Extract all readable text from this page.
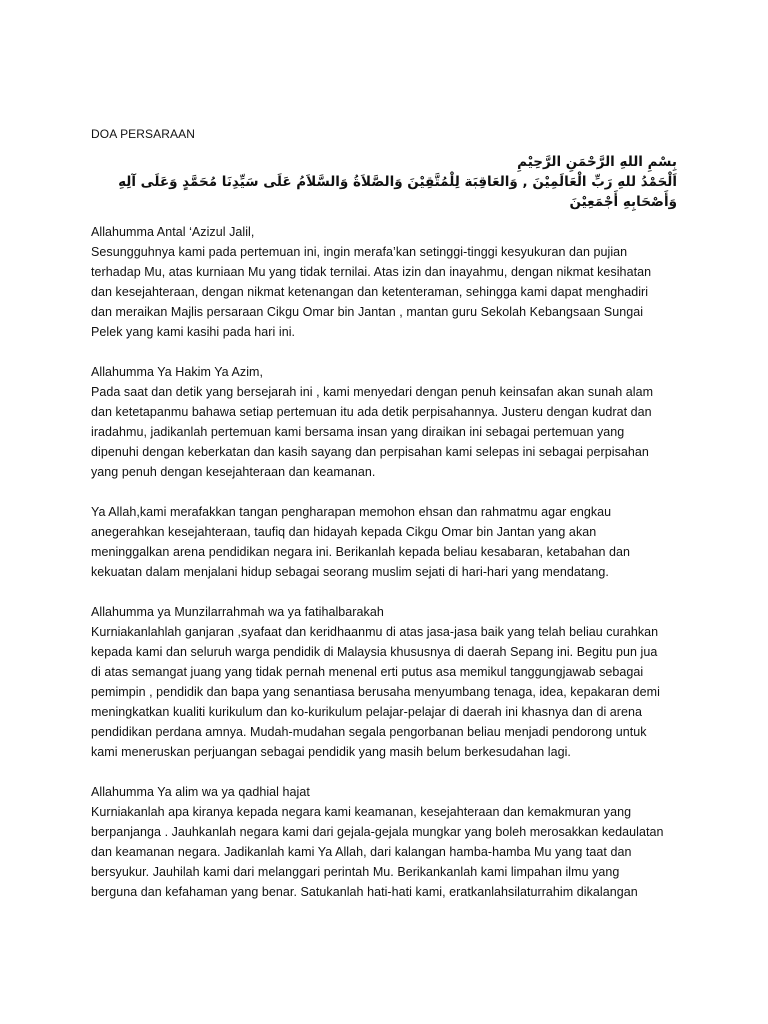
DOA PERSARAAN
بِسْمِ اللهِ الرَّحْمَنِ الرَّحِيْمِ
اَلْحَمْدُ للهِ رَبِّ الْعَالَمِيْنَ , وَالعَاقِبَة لِلْمُتَّقِيْنَ وَالصَّلاَةُ وَالسَّلاَمُ عَلَى سَيِّدِنَا مُحَمَّدٍ وَعَلَى آلِهِ
وَأَصْحَابِهِ أَجْمَعِيْنَ
Allahumma Antal ‘Azizul Jalil,
Sesungguhnya kami pada pertemuan ini, ingin merafa’kan setinggi-tinggi kesyukuran dan pujian
terhadap Mu, atas kurniaan Mu yang tidak ternilai. Atas izin dan inayahmu, dengan nikmat kesihatan
dan kesejahteraan, dengan nikmat ketenangan dan ketenteraman, sehingga kami dapat menghadiri
dan meraikan Majlis persaraan Cikgu Omar bin Jantan , mantan guru Sekolah Kebangsaan Sungai
Pelek yang kami kasihi pada hari ini.
Allahumma Ya Hakim Ya Azim,
Pada saat dan detik yang bersejarah ini , kami menyedari dengan penuh keinsafan akan sunah alam
dan ketetapanmu bahawa setiap pertemuan itu ada detik perpisahannya. Justeru dengan kudrat dan
iradahmu, jadikanlah pertemuan kami bersama insan yang diraikan ini sebagai pertemuan yang
dipenuhi dengan keberkatan dan kasih sayang dan perpisahan kami selepas ini sebagai perpisahan
yang penuh dengan kesejahteraan dan keamanan.
Ya Allah,kami merafakkan tangan pengharapan memohon ehsan dan rahmatmu agar engkau
anegerahkan kesejahteraan, taufiq dan hidayah kepada Cikgu Omar bin Jantan yang akan
meninggalkan arena pendidikan negara ini. Berikanlah kepada beliau kesabaran, ketabahan dan
kekuatan dalam menjalani hidup sebagai seorang muslim sejati di hari-hari yang mendatang.
Allahumma ya Munzilarrahmah wa ya fatihalbarakah
Kurniakanlahlah ganjaran ,syafaat dan keridhaanmu di atas jasa-jasa baik yang telah beliau curahkan
kepada kami dan seluruh warga pendidik di Malaysia khususnya di daerah Sepang ini. Begitu pun jua
di atas semangat juang yang tidak pernah menenal erti putus asa memikul tanggungjawab sebagai
pemimpin , pendidik dan bapa yang senantiasa berusaha menyumbang tenaga, idea, kepakaran demi
meningkatkan kualiti kurikulum dan ko-kurikulum pelajar-pelajar di daerah ini khasnya dan di arena
pendidikan perdana amnya. Mudah-mudahan segala pengorbanan beliau menjadi pendorong untuk
kami meneruskan perjuangan sebagai pendidik yang masih belum berkesudahan lagi.
Allahumma Ya alim wa ya qadhial hajat
Kurniakanlah apa kiranya kepada negara kami keamanan, kesejahteraan dan kemakmuran yang
berpanjanga . Jauhkanlah negara kami dari gejala-gejala mungkar yang boleh merosakkan kedaulatan
dan keamanan negara. Jadikanlah kami Ya Allah, dari kalangan hamba-hamba Mu yang taat dan
bersyukur. Jauhilah kami dari melanggari perintah Mu. Berikankanlah kami limpahan ilmu yang
berguna dan kefahaman yang benar. Satukanlah hati-hati kami, eratkanlahsilaturrahim dikalangan
